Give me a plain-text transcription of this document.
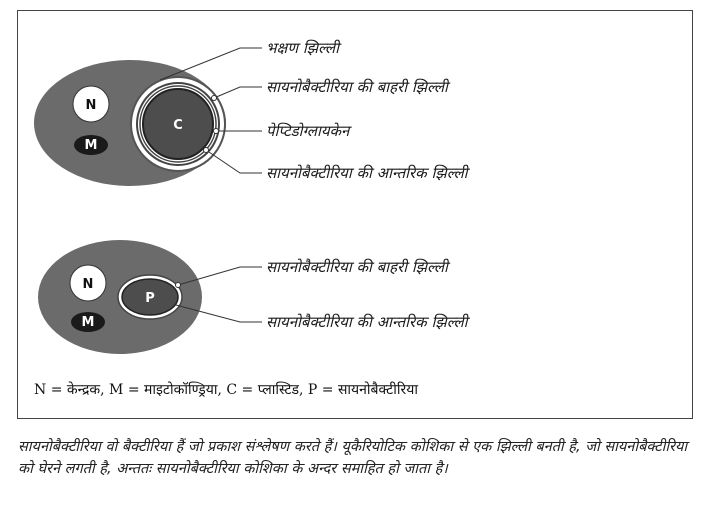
C
N
M
भक्षण झिल्ली
सायनोबैक्टीरिया की बाहरी झिल्ली
पेप्टिडोग्लायकेन
सायनोबैक्टीरिया की आन्तरिक झिल्ली
P
N
M
सायनोबैक्टीरिया की बाहरी झिल्ली
सायनोबैक्टीरिया की आन्तरिक झिल्ली
N = केन्द्रक, M = माइटोकॉण्ड्रिया, C = प्लास्टिड, P = सायनोबैक्टीरिया

सायनोबैक्टीरिया वो बैक्टीरिया हैं जो प्रकाश संश्लेषण करते हैं। यूकैरियोटिक कोशिका से एक झिल्ली बनती है, जो सायनोबैक्टीरिया को घेरने लगती है, अन्ततः सायनोबैक्टीरिया कोशिका के अन्दर समाहित हो जाता है।
